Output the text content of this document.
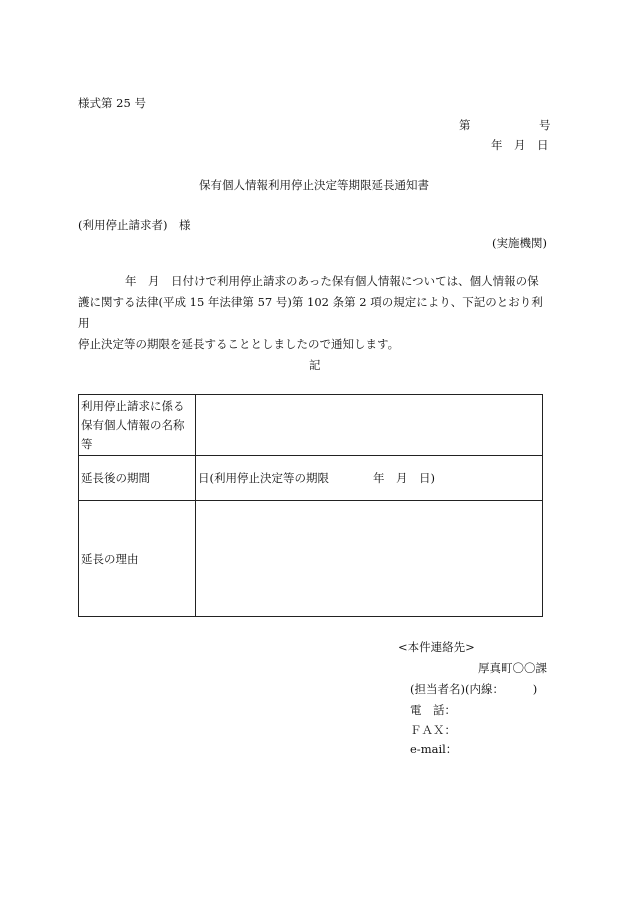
様式第 25 号
第	号
年　月　日
保有個人情報利用停止決定等期限延長通知書
(利用停止請求者)　様
(実施機関)

年　月　日付けで利用停止請求のあった保有個人情報については、個人情報の保

護に関する法律(平成 15 年法律第 57 号)第 102 条第 2 項の規定により、下記のとおり利用

停止決定等の期限を延長することとしましたので通知します。

記
利用停止請求に係る
保有個人情報の名称
等	

延長後の期間	日(利用停止決定等の期限 年　月　日)
延長の理由	
<本件連絡先>
厚真町〇〇課
(担当者名)(内線：　　　)
電　話：
ＦＡＸ：
e-mail：
